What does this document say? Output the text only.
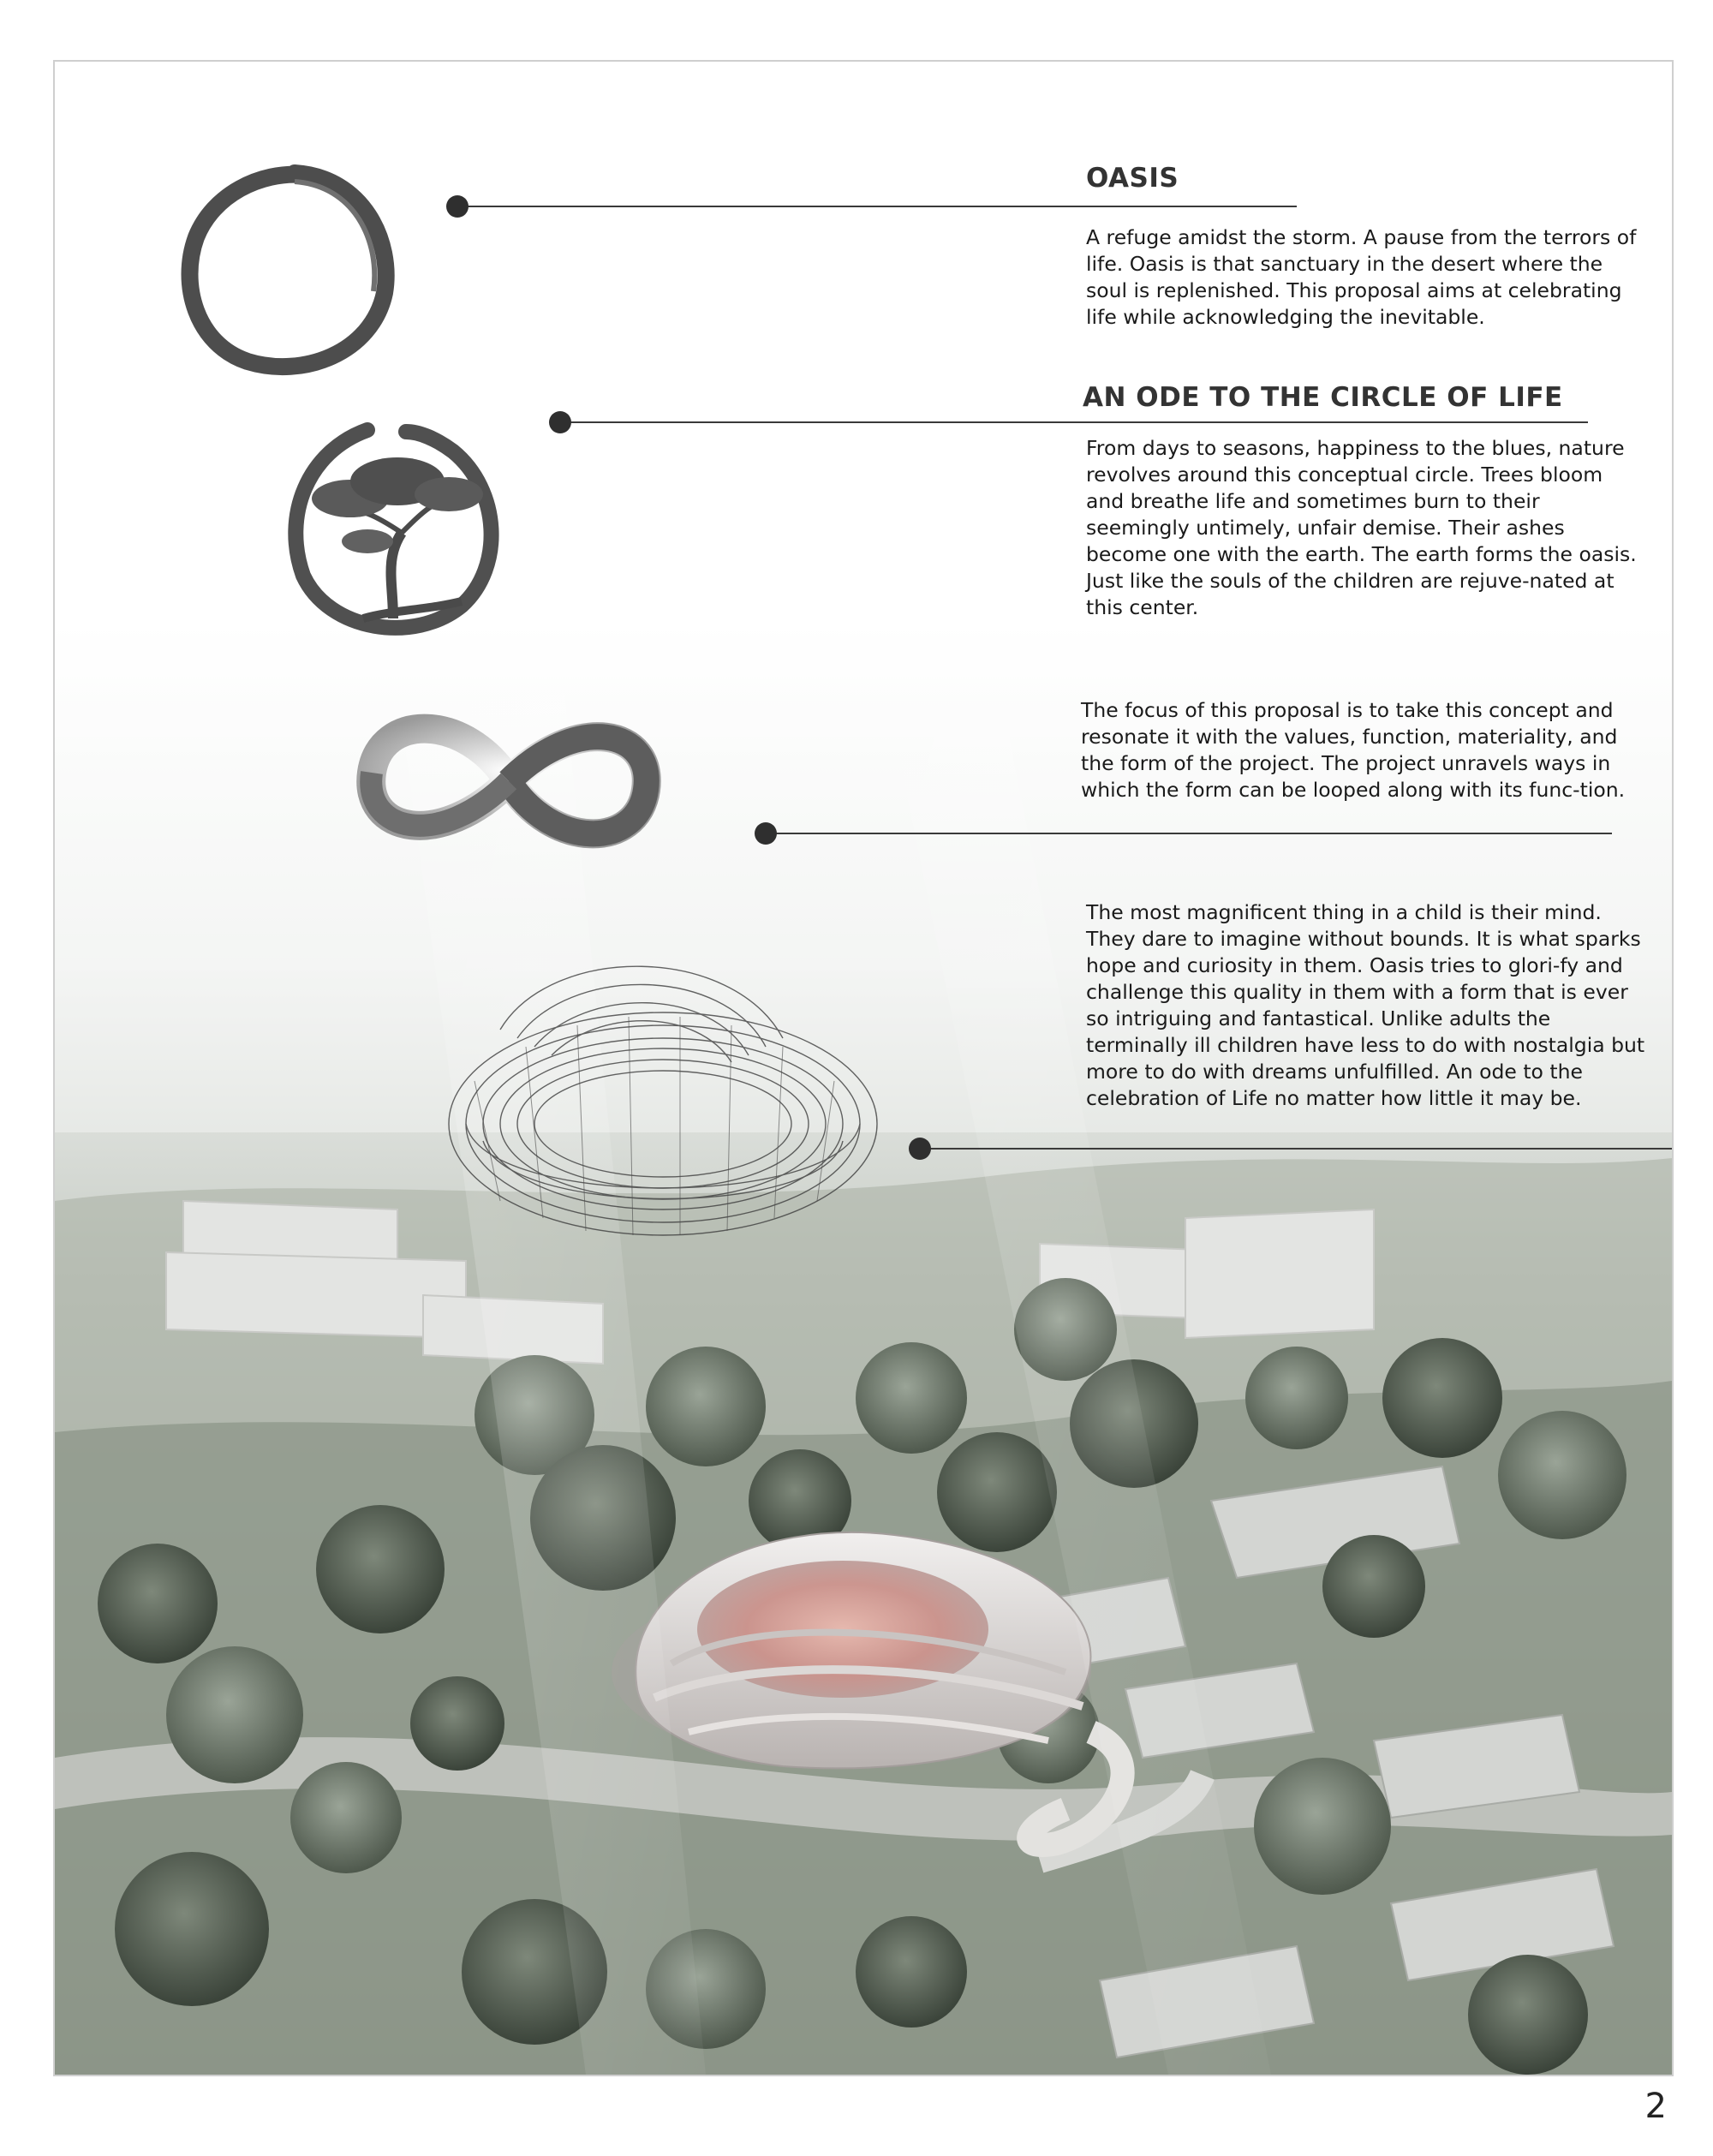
OASIS

A refuge amidst the storm. A pause from the terrors of life. Oasis is that sanctuary in the desert where the soul is replenished. This proposal aims at celebrating life while acknowledging the inevitable.

AN ODE TO THE CIRCLE OF LIFE

From days to seasons, happiness to the blues, nature revolves around this conceptual circle. Trees bloom and breathe life and sometimes burn to their seemingly untimely, unfair demise. Their ashes become one with the earth. The earth forms the oasis. Just like the souls of the children are rejuve-nated at this center.

The focus of this proposal is to take this concept and resonate it with the values, function, materiality, and the form of the project. The project unravels ways in which the form can be looped along with its func-tion.

The most magnificent thing in a child is their mind. They dare to imagine without bounds. It is what sparks hope and curiosity in them. Oasis tries to glori-fy and challenge this quality in them with a form that is ever so intriguing and fantastical. Unlike adults the terminally ill children have less to do with nostalgia but more to do with dreams unfulfilled. An ode to the celebration of Life no matter how little it may be.

2
